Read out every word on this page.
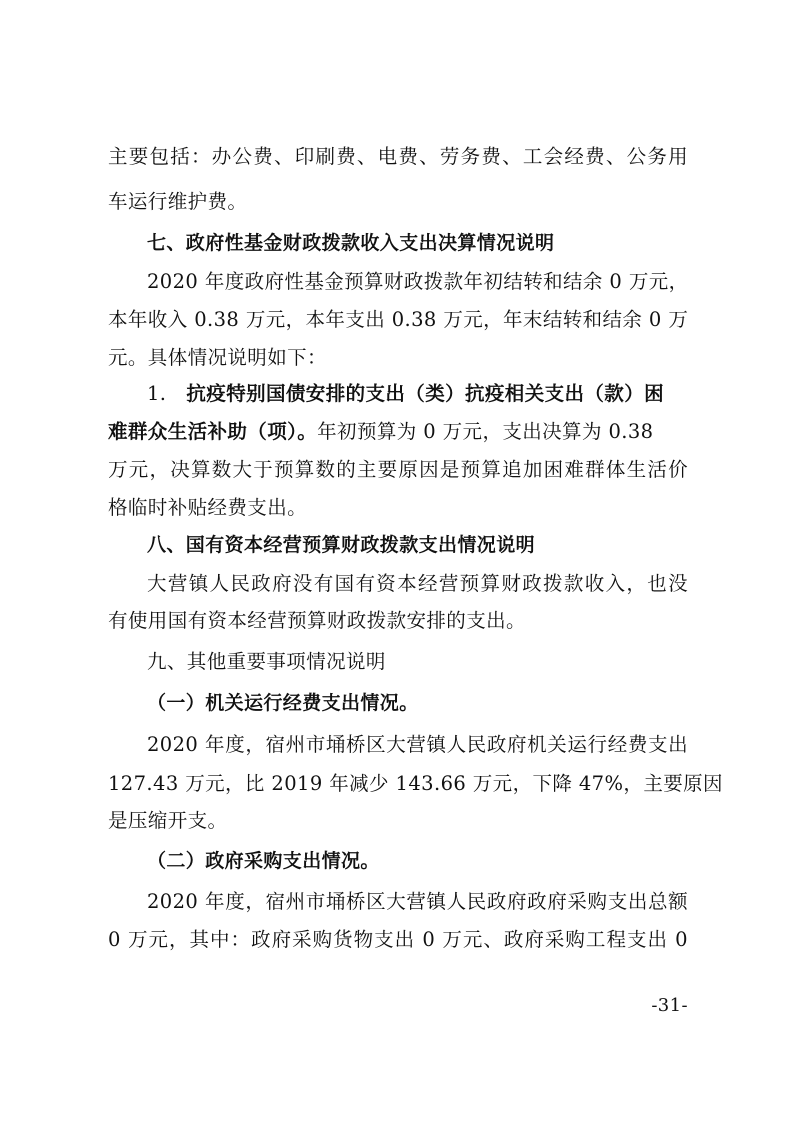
主要包括：办公费、印刷费、电费、劳务费、工会经费、公务用
车运行维护费。
七、政府性基金财政拨款收入支出决算情况说明
2020 年度政府性基金预算财政拨款年初结转和结余 0 万元，
本年收入 0.38 万元，本年支出 0.38 万元，年末结转和结余 0 万
元。具体情况说明如下：
1. 抗疫特别国债安排的支出（类）抗疫相关支出（款）困
难群众生活补助（项）。年初预算为 0 万元，支出决算为 0.38
万元，决算数大于预算数的主要原因是预算追加困难群体生活价
格临时补贴经费支出。
八、国有资本经营预算财政拨款支出情况说明
大营镇人民政府没有国有资本经营预算财政拨款收入，也没
有使用国有资本经营预算财政拨款安排的支出。
九、其他重要事项情况说明
（一）机关运行经费支出情况。
2020 年度，宿州市埇桥区大营镇人民政府机关运行经费支出
127.43 万元，比 2019 年减少 143.66 万元，下降 47%，主要原因
是压缩开支。
（二）政府采购支出情况。
2020 年度，宿州市埇桥区大营镇人民政府政府采购支出总额
0 万元，其中：政府采购货物支出 0 万元、政府采购工程支出 0
-31-
